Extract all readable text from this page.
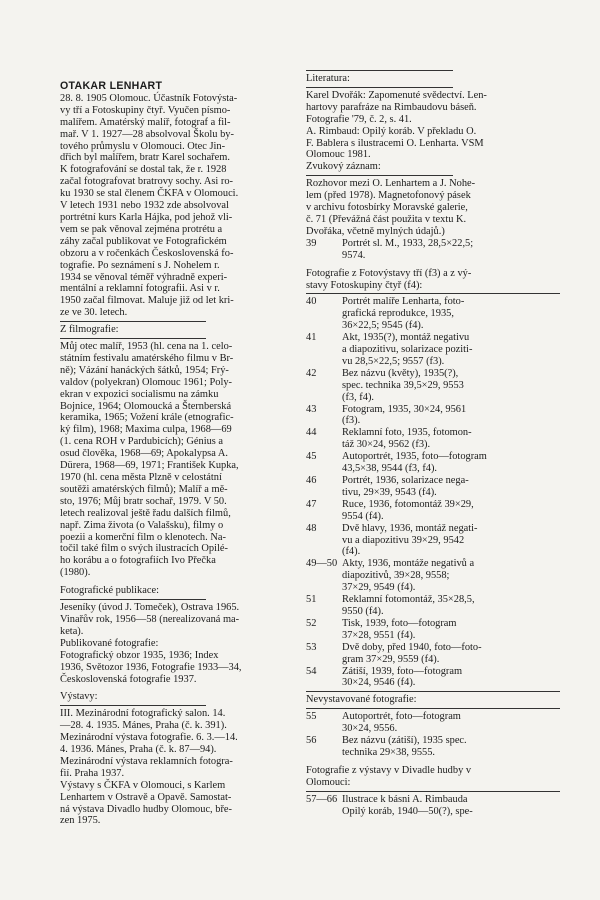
OTAKAR LENHART

28. 8. 1905 Olomouc. Účastník Fotovýsta-

vy tří a Fotoskupiny čtyř. Vyučen písmo-

malířem. Amatérský malíř, fotograf a fil-

mař. V 1. 1927—28 absolvoval Školu by-

tového průmyslu v Olomouci. Otec Jin-

dřich byl malířem, bratr Karel sochařem.

K fotografování se dostal tak, že r. 1928

začal fotografovat bratrovy sochy. Asi ro-

ku 1930 se stal členem ČKFA v Olomouci.

V letech 1931 nebo 1932 zde absolvoval

portrétní kurs Karla Hájka, pod jehož vli-

vem se pak věnoval zejména protrétu a

záhy začal publikovat ve Fotografickém

obzoru a v ročenkách Československá fo-

tografie. Po seznámení s J. Nohelem r.

1934 se věnoval téměř výhradně experi-

mentální a reklamní fotografii. Asi v r.

1950 začal filmovat. Maluje již od let kri-

ze ve 30. letech.

Z filmografie:

Můj otec malíř, 1953 (hl. cena na 1. celo-

státním festivalu amatérského filmu v Br-

ně); Vázání hanáckých šátků, 1954; Frý-

valdov (polyekran) Olomouc 1961; Poly-

ekran v expozici socialismu na zámku

Bojnice, 1964; Olomoucká a Šternberská

keramika, 1965; Vožení krále (etnografic-

ký film), 1968; Maxima culpa, 1968—69

(1. cena ROH v Pardubicích); Génius a

osud člověka, 1968—69; Apokalypsa A.

Dürera, 1968—69, 1971; František Kupka,

1970 (hl. cena města Plzně v celostátní

soutěži amatérských filmů); Malíř a mě-

sto, 1976; Můj bratr sochař, 1979. V 50.

letech realizoval ještě řadu dalších filmů,

např. Zima života (o Valašsku), filmy o

poezii a komerční film o klenotech. Na-

točil také film o svých ilustracích Opilé-

ho korábu a o fotografiích Ivo Přečka

(1980).

Fotografické publikace:

Jeseníky (úvod J. Tomeček), Ostrava 1965.

Vinařův rok, 1956—58 (nerealizovaná ma-

keta).

Publikované fotografie:

Fotografický obzor 1935, 1936; Index

1936, Světozor 1936, Fotografie 1933—34,

Československá fotografie 1937.

Výstavy:

III. Mezinárodní fotografický salon. 14.

—28. 4. 1935. Mánes, Praha (č. k. 391).

Mezinárodní výstava fotografie. 6. 3.—14.

4. 1936. Mánes, Praha (č. k. 87—94).

Mezinárodní výstava reklamních fotogra-

fií. Praha 1937.

Výstavy s ČKFA v Olomouci, s Karlem

Lenhartem v Ostravě a Opavě. Samostat-

ná výstava Divadlo hudby Olomouc, bře-

zen 1975.

Literatura:

Karel Dvořák: Zapomenuté svědectví. Len-

hartovy parafráze na Rimbaudovu báseň.

Fotografie '79, č. 2, s. 41.

A. Rimbaud: Opilý koráb. V překladu O.

F. Bablera s ilustracemi O. Lenharta. VSM

Olomouc 1981.

Zvukový záznam:

Rozhovor mezi O. Lenhartem a J. Nohe-

lem (před 1978). Magnetofonový pásek

v archivu fotosbírky Moravské galerie,

č. 71 (Převážná část použita v textu K.

Dvořáka, včetně mylných údajů.)

39	Portrét sl. M., 1933, 28,5×22,5;

9574.

Fotografie z Fotovýstavy tří (f3) a z vý-

stavy Fotoskupiny čtyř (f4):

40	Portrét malíře Lenharta, foto-

grafická reprodukce, 1935,

36×22,5; 9545 (f4).

41	Akt, 1935(?), montáž negativu

a diapozitivu, solarizace poziti-

vu 28,5×22,5; 9557 (f3).

42	Bez názvu (květy), 1935(?),

spec. technika 39,5×29, 9553

(f3, f4).

43	Fotogram, 1935, 30×24, 9561

(f3).

44	Reklamní foto, 1935, fotomon-

táž 30×24, 9562 (f3).

45	Autoportrét, 1935, foto—fotogram

43,5×38, 9544 (f3, f4).

46	Portrét, 1936, solarizace nega-

tivu, 29×39, 9543 (f4).

47	Ruce, 1936, fotomontáž 39×29,

9554 (f4).

48	Dvě hlavy, 1936, montáž negati-

vu a diapozitivu 39×29, 9542

(f4).

49—50 Akty, 1936, montáže negativů a

diapozitivů, 39×28, 9558;

37×29, 9549 (f4).

51	Reklamní fotomontáž, 35×28,5,

9550 (f4).

52	Tisk, 1939, foto—fotogram

37×28, 9551 (f4).

53	Dvě doby, před 1940, foto—foto-

gram 37×29, 9559 (f4).

54	Zátiší, 1939, foto—fotogram

30×24, 9546 (f4).

Nevystavované fotografie:

55	Autoportrét, foto—fotogram

30×24, 9556.

56	Bez názvu (zátiší), 1935 spec.

technika 29×38, 9555.

Fotografie z výstavy v Divadle hudby v

Olomouci:

57—66 Ilustrace k básni A. Rimbauda

Opilý koráb, 1940—50(?), spe-
